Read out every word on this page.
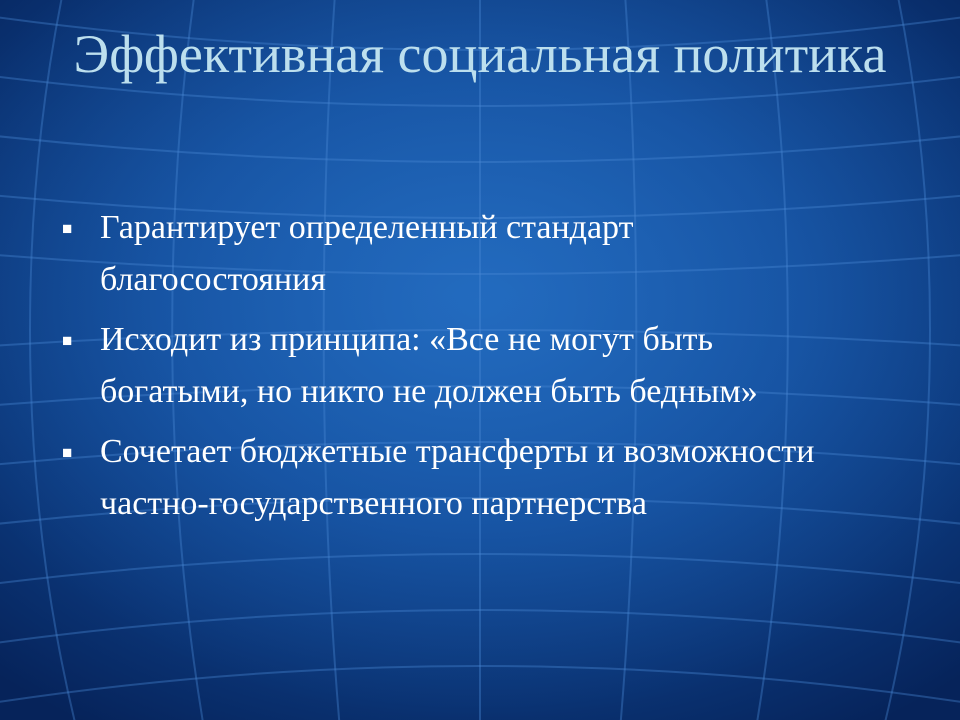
Эффективная социальная политика
■ Гарантирует определенный стандарт благосостояния
■ Исходит из принципа: «Все не могут быть богатыми, но никто не должен быть бедным»
■ Сочетает бюджетные трансферты и возможности частно-государственного партнерства
